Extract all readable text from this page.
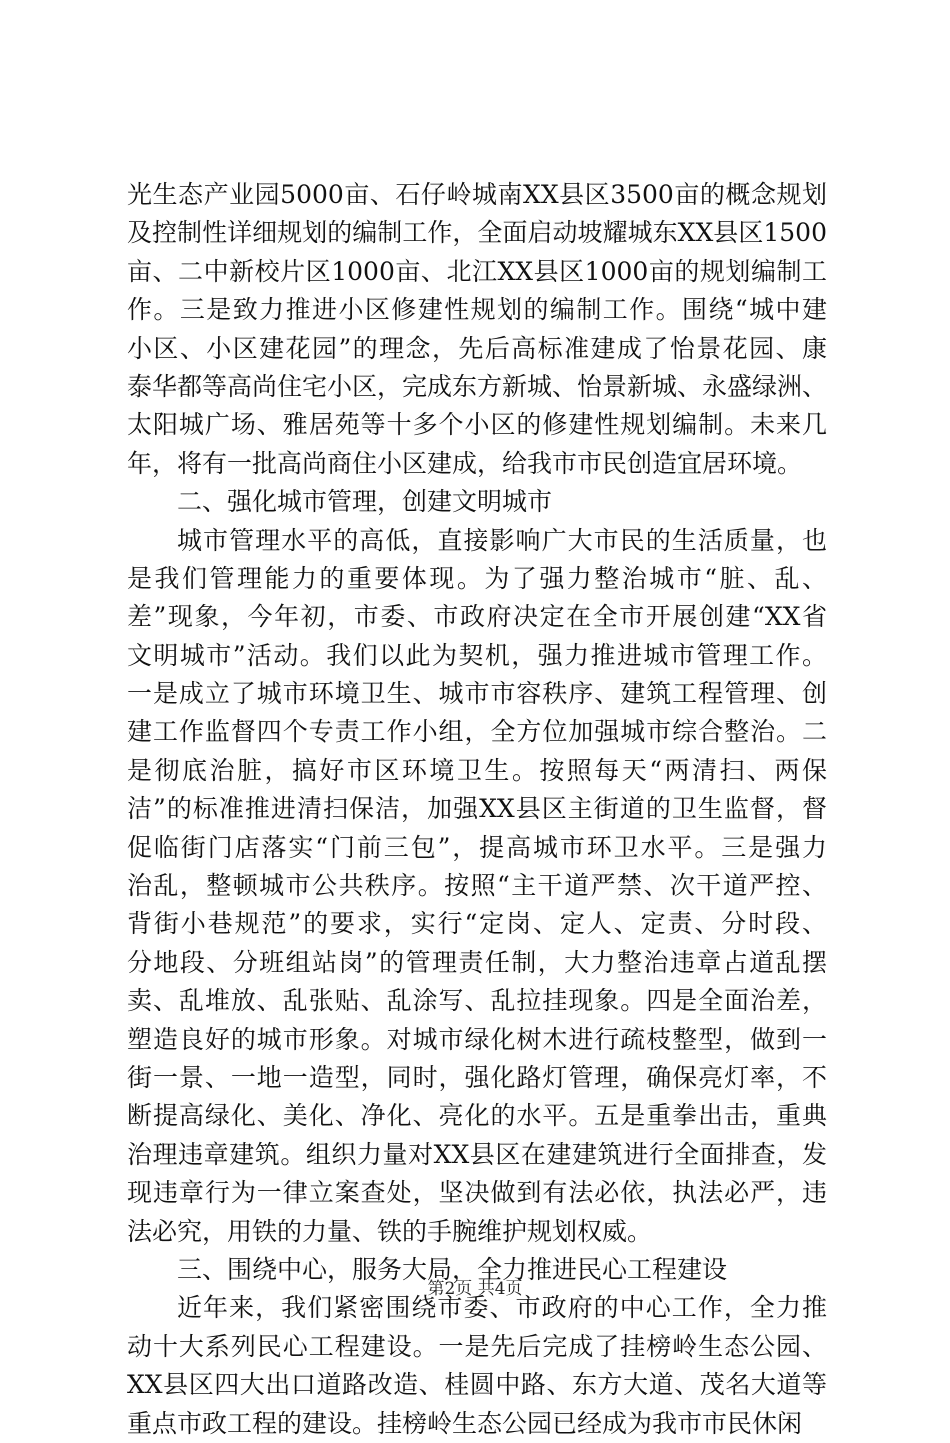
光生态产业园5000亩、石仔岭城南XX县区3500亩的概念规划
及控制性详细规划的编制工作，全面启动坡耀城东XX县区1500
亩、二中新校片区1000亩、北江XX县区1000亩的规划编制工
作。三是致力推进小区修建性规划的编制工作。围绕“城中建
小区、小区建花园”的理念，先后高标准建成了怡景花园、康
泰华都等高尚住宅小区，完成东方新城、怡景新城、永盛绿洲、
太阳城广场、雅居苑等十多个小区的修建性规划编制。未来几
年，将有一批高尚商住小区建成，给我市市民创造宜居环境。
二、强化城市管理，创建文明城市
城市管理水平的高低，直接影响广大市民的生活质量，也
是我们管理能力的重要体现。为了强力整治城市“脏、乱、
差”现象，今年初，市委、市政府决定在全市开展创建“XX省
文明城市”活动。我们以此为契机，强力推进城市管理工作。
一是成立了城市环境卫生、城市市容秩序、建筑工程管理、创
建工作监督四个专责工作小组，全方位加强城市综合整治。二
是彻底治脏，搞好市区环境卫生。按照每天“两清扫、两保
洁”的标准推进清扫保洁，加强XX县区主街道的卫生监督，督
促临街门店落实“门前三包”，提高城市环卫水平。三是强力
治乱，整顿城市公共秩序。按照“主干道严禁、次干道严控、
背街小巷规范”的要求，实行“定岗、定人、定责、分时段、
分地段、分班组站岗”的管理责任制，大力整治违章占道乱摆
卖、乱堆放、乱张贴、乱涂写、乱拉挂现象。四是全面治差，
塑造良好的城市形象。对城市绿化树木进行疏枝整型，做到一
街一景、一地一造型，同时，强化路灯管理，确保亮灯率，不
断提高绿化、美化、净化、亮化的水平。五是重拳出击，重典
治理违章建筑。组织力量对XX县区在建建筑进行全面排查，发
现违章行为一律立案查处，坚决做到有法必依，执法必严，违
法必究，用铁的力量、铁的手腕维护规划权威。
三、围绕中心，服务大局，全力推进民心工程建设
近年来，我们紧密围绕市委、市政府的中心工作，全力推
动十大系列民心工程建设。一是先后完成了挂榜岭生态公园、
XX县区四大出口道路改造、桂圆中路、东方大道、茂名大道等
重点市政工程的建设。挂榜岭生态公园已经成为我市市民休闲
第2页 共4页
